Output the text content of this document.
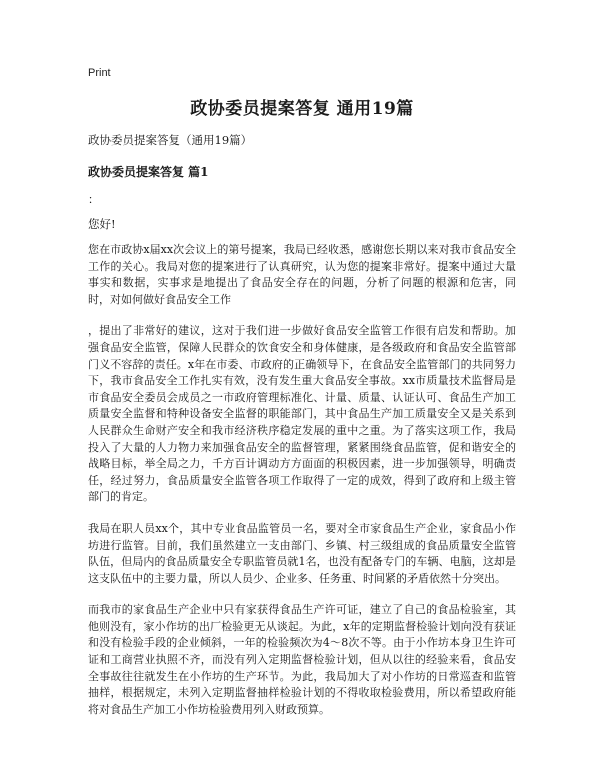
Print
政协委员提案答复 通用19篇
政协委员提案答复（通用19篇）
政协委员提案答复 篇1
：
您好!

您在市政协x届xx次会议上的第号提案，我局已经收悉，感谢您长期以来对我市食品安全工作的关心。我局对您的提案进行了认真研究，认为您的提案非常好。提案中通过大量事实和数据，实事求是地提出了食品安全存在的问题，分析了问题的根源和危害，同时，对如何做好食品安全工作

，提出了非常好的建议，这对于我们进一步做好食品安全监管工作很有启发和帮助。加强食品安全监管，保障人民群众的饮食安全和身体健康，是各级政府和食品安全监管部门义不容辞的责任。x年在市委、市政府的正确领导下，在食品安全监管部门的共同努力下，我市食品安全工作扎实有效，没有发生重大食品安全事故。xx市质量技术监督局是市食品安全委员会成员之一市政府管理标准化、计量、质量、认证认可、食品生产加工质量安全监督和特种设备安全监督的职能部门，其中食品生产加工质量安全又是关系到人民群众生命财产安全和我市经济秩序稳定发展的重中之重。为了落实这项工作，我局投入了大量的人力物力来加强食品安全的监督管理，紧紧围绕食品监管，促和谐安全的战略目标，举全局之力，千方百计调动方方面面的积极因素，进一步加强领导，明确责任，经过努力，食品质量安全监管各项工作取得了一定的成效，得到了政府和上级主管部门的肯定。

我局在职人员xx个，其中专业食品监管员一名，要对全市家食品生产企业，家食品小作坊进行监管。目前，我们虽然建立一支由部门、乡镇、村三级组成的食品质量安全监管队伍，但局内的食品质量安全专职监管员就1名，也没有配备专门的车辆、电脑，这却是这支队伍中的主要力量，所以人员少、企业多、任务重、时间紧的矛盾依然十分突出。

而我市的家食品生产企业中只有家获得食品生产许可证，建立了自己的食品检验室，其他则没有，家小作坊的出厂检验更无从谈起。为此，x年的定期监督检验计划向没有获证和没有检验手段的企业倾斜，一年的检验频次为4～8次不等。由于小作坊本身卫生许可证和工商营业执照不齐，而没有列入定期监督检验计划，但从以往的经验来看，食品安全事故往往就发生在小作坊的生产环节。为此，我局加大了对小作坊的日常巡查和监管抽样，根据规定，未列入定期监督抽样检验计划的不得收取检验费用，所以希望政府能将对食品生产加工小作坊检验费用列入财政预算。
